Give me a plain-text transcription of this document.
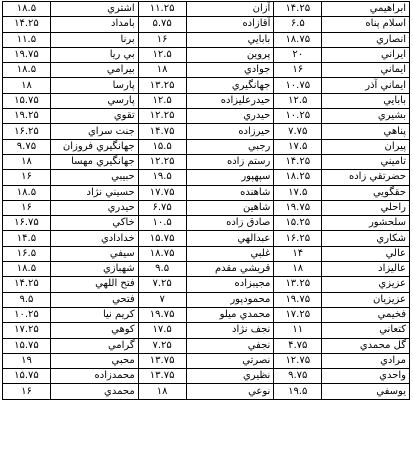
ابراهيمي	۱۴.۲۵	آزان	۱۱.۲۵	اشتري	۱۸.۵
اسلام پناه	۶.۵	آقازاده	۵.۷۵	بامداد	۱۴.۲۵
انصاري	۱۸.۷۵	بابايي	۱۶	برنا	۱۱.۵
ايراني	۲۰	پروين	۱۲.۵	بي ريا	۱۹.۷۵
ايماني	۱۶	جوادي	۱۸	بيرامي	۱۸.۵
ايماني آذر	۱۰.۷۵	جهانگيري	۱۳.۲۵	پارسا	۱۸
بابايي	۱۲.۵	حيدرعليزاده	۱۲.۵	پارسي	۱۵.۷۵
بشيري	۱۰.۲۵	حيدري	۱۲.۲۵	تقوي	۱۹.۲۵
پناهي	۷.۷۵	حيرزاده	۱۴.۷۵	جنت سراي	۱۶.۲۵
پيران	۱۷.۵	رجبي	۱۵.۵	جهانگيري فروزان	۹.۷۵
تاميني	۱۴.۲۵	رستم زاده	۱۲.۲۵	جهانگيري مهسا	۱۸
حضرتقي زاده	۱۸.۲۵	سپهپور	۱۹.۵	حبيبي	۱۶
حقگويي	۱۷.۵	شاهنده	۱۷.۷۵	حسيني نژاد	۱۸.۵
راحلي	۱۹.۷۵	شاهين	۶.۷۵	حيدري	۱۶
سلحشور	۱۵.۲۵	صادق زاده	۱۰.۵	خاکي	۱۶.۷۵
شکاري	۱۶.۲۵	عبدالهي	۱۵.۷۵	خدادادي	۱۴.۵
عالي	۱۴	غلبي	۱۸.۷۵	سيفي	۱۶.۵
عاليزاد	۱۸	قريشي مقدم	۹.۵	شهبازي	۱۸.۵
عزيزي	۱۳.۲۵	مجيبزاده	۷.۲۵	فتح اللهي	۱۴.۲۵
عزيزيان	۱۹.۷۵	محمودپور	۷	فتحي	۹.۵
فخيمي	۱۷.۲۵	محمدي ميلو	۱۹.۷۵	کريم نيا	۱۰.۲۵
کتعاني	۱۱	نجف نژاد	۱۷.۵	کوهي	۱۷.۲۵
گل محمدي	۴.۷۵	نجفي	۷.۲۵	گرامي	۱۵.۷۵
مرادي	۱۲.۷۵	نصرتي	۱۳.۷۵	محبي	۱۹
واحدي	۹.۷۵	نظيري	۱۳.۷۵	محمدزاده	۱۵.۷۵
يوسفي	۱۹.۵	نوعي	۱۸	محمدي	۱۶
